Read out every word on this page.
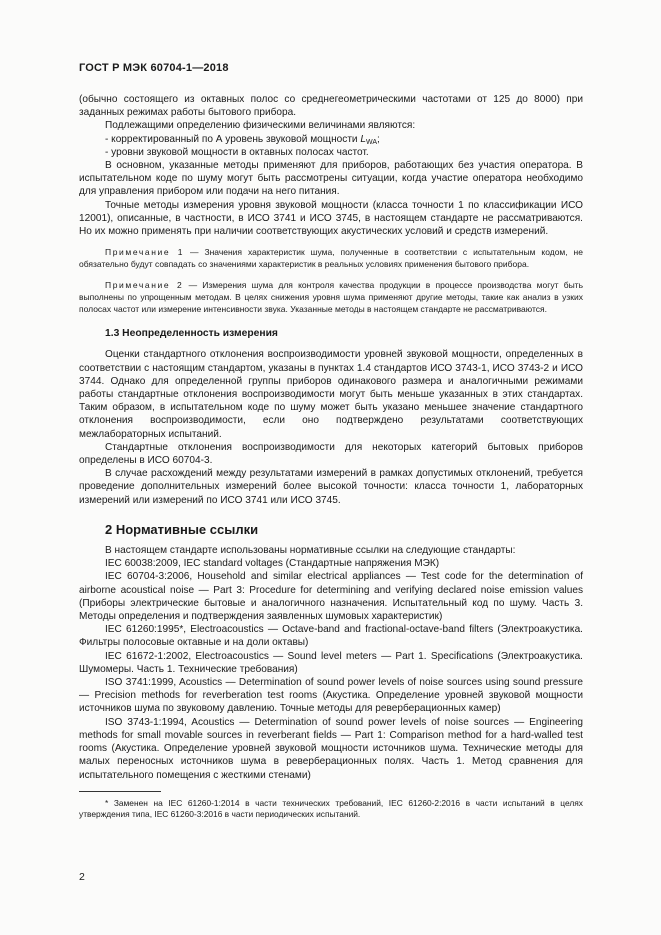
ГОСТ Р МЭК 60704-1—2018

(обычно состоящего из октавных полос со среднегеометрическими частотами от 125 до 8000) при заданных режимах работы бытового прибора.

Подлежащими определению физическими величинами являются:

- корректированный по А уровень звуковой мощности $L_{WA}$;

- уровни звуковой мощности в октавных полосах частот.

В основном, указанные методы применяют для приборов, работающих без участия оператора. В испытательном коде по шуму могут быть рассмотрены ситуации, когда участие оператора необходимо для управления прибором или подачи на него питания.

Точные методы измерения уровня звуковой мощности (класса точности 1 по классификации ИСО 12001), описанные, в частности, в ИСО 3741 и ИСО 3745, в настоящем стандарте не рассматриваются. Но их можно применять при наличии соответствующих акустических условий и средств измерений.

Примечание 1 — Значения характеристик шума, полученные в соответствии с испытательным кодом, не обязательно будут совпадать со значениями характеристик в реальных условиях применения бытового прибора.

Примечание 2 — Измерения шума для контроля качества продукции в процессе производства могут быть выполнены по упрощенным методам. В целях снижения уровня шума применяют другие методы, такие как анализ в узких полосах частот или измерение интенсивности звука. Указанные методы в настоящем стандарте не рассматриваются.

1.3 Неопределенность измерения

Оценки стандартного отклонения воспроизводимости уровней звуковой мощности, определенных в соответствии с настоящим стандартом, указаны в пунктах 1.4 стандартов ИСО 3743-1, ИСО 3743-2 и ИСО 3744. Однако для определенной группы приборов одинакового размера и аналогичными режимами работы стандартные отклонения воспроизводимости могут быть меньше указанных в этих стандартах. Таким образом, в испытательном коде по шуму может быть указано меньшее значение стандартного отклонения воспроизводимости, если оно подтверждено результатами соответствующих межлабораторных испытаний.

Стандартные отклонения воспроизводимости для некоторых категорий бытовых приборов определены в ИСО 60704-3.

В случае расхождений между результатами измерений в рамках допустимых отклонений, требуется проведение дополнительных измерений более высокой точности: класса точности 1, лабораторных измерений или измерений по ИСО 3741 или ИСО 3745.

2 Нормативные ссылки

В настоящем стандарте использованы нормативные ссылки на следующие стандарты:

IEC 60038:2009, IEC standard voltages (Стандартные напряжения МЭК)

IEC 60704-3:2006, Household and similar electrical appliances — Test code for the determination of airborne acoustical noise — Part 3: Procedure for determining and verifying declared noise emission values (Приборы электрические бытовые и аналогичного назначения. Испытательный код по шуму. Часть 3. Методы определения и подтверждения заявленных шумовых характеристик)

IEC 61260:1995*, Electroacoustics — Octave-band and fractional-octave-band filters (Электроакустика. Фильтры полосовые октавные и на доли октавы)

IEC 61672-1:2002, Electroacoustics — Sound level meters — Part 1. Specifications (Электроакустика. Шумомеры. Часть 1. Технические требования)

ISO 3741:1999, Acoustics — Determination of sound power levels of noise sources using sound pressure — Precision methods for reverberation test rooms (Акустика. Определение уровней звуковой мощности источников шума по звуковому давлению. Точные методы для реверберационных камер)

ISO 3743-1:1994, Acoustics — Determination of sound power levels of noise sources — Engineering methods for small movable sources in reverberant fields — Part 1: Comparison method for a hard-walled test rooms (Акустика. Определение уровней звуковой мощности источников шума. Технические методы для малых переносных источников шума в реверберационных полях. Часть 1. Метод сравнения для испытательного помещения с жесткими стенами)

* Заменен на IEC 61260-1:2014 в части технических требований, IEC 61260-2:2016 в части испытаний в целях утверждения типа, IEC 61260-3:2016 в части периодических испытаний.

2
